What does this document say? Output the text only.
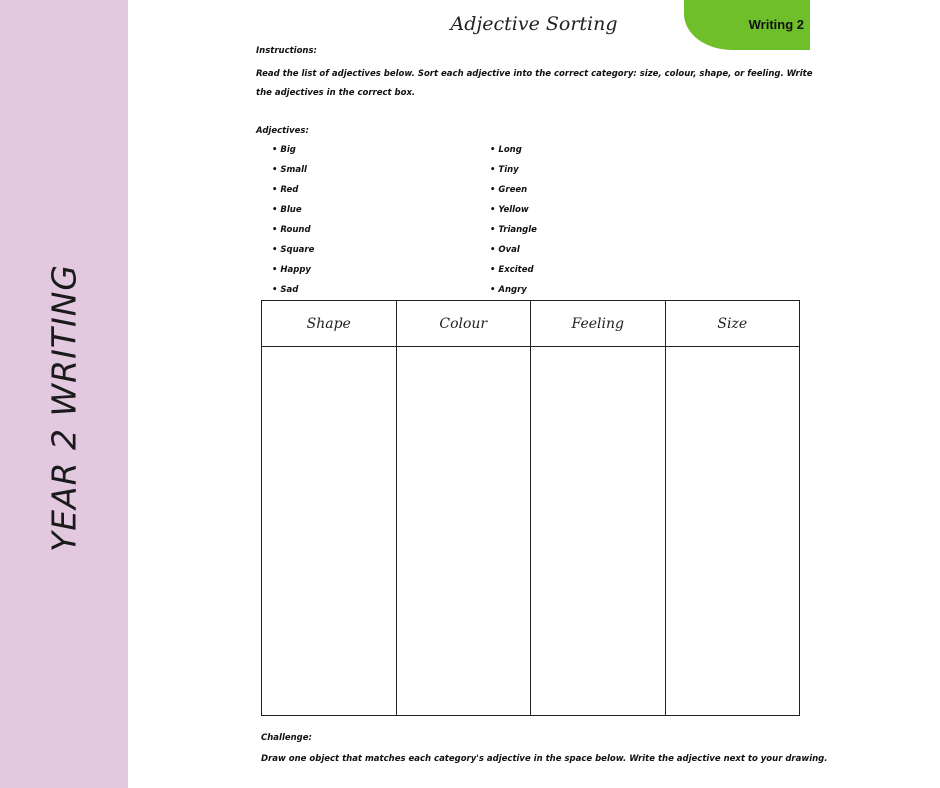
YEAR 2 WRITING
Writing 2
Adjective Sorting
Instructions:
Read the list of adjectives below. Sort each adjective into the correct category: size, colour, shape, or feeling. Write the adjectives in the correct box.
Adjectives:
• Big
• Small
• Red
• Blue
• Round
• Square
• Happy
• Sad
• Long
• Tiny
• Green
• Yellow
• Triangle
• Oval
• Excited
• Angry
Shape	Colour	Feeling	Size
Challenge:
Draw one object that matches each category's adjective in the space below. Write the adjective next to your drawing.
